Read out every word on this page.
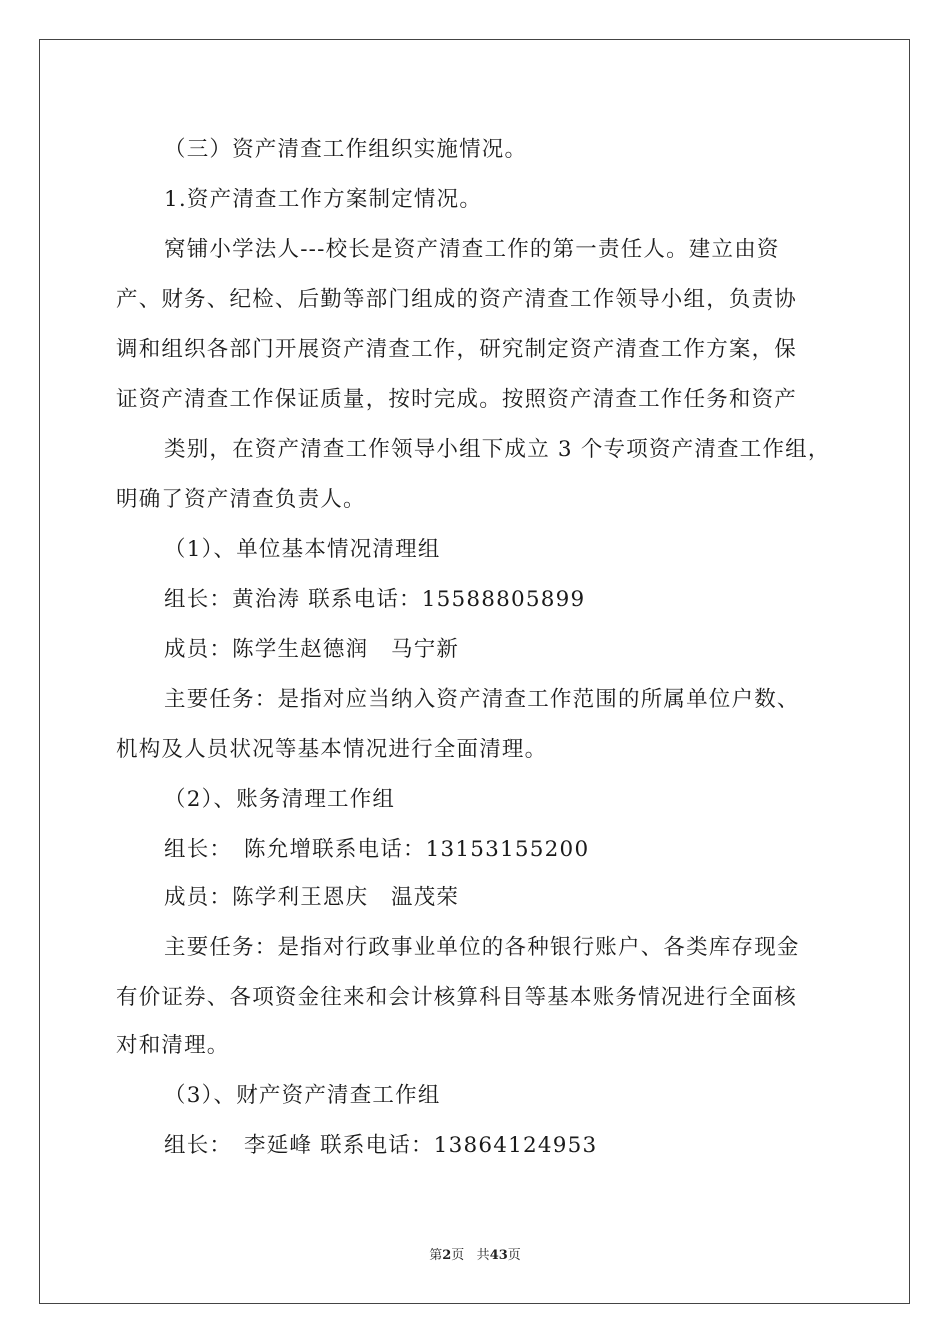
（三）资产清查工作组织实施情况。
1.资产清查工作方案制定情况。
窝铺小学法人---校长是资产清查工作的第一责任人。建立由资
产、财务、纪检、后勤等部门组成的资产清查工作领导小组，负责协
调和组织各部门开展资产清查工作，研究制定资产清查工作方案，保
证资产清查工作保证质量，按时完成。按照资产清查工作任务和资产
类别，在资产清查工作领导小组下成立 3 个专项资产清查工作组，
明确了资产清查负责人。
（1）、单位基本情况清理组
组长：黄治涛 联系电话：15588805899
成员：陈学生赵德润　马宁新
主要任务：是指对应当纳入资产清查工作范围的所属单位户数、
机构及人员状况等基本情况进行全面清理。
（2）、账务清理工作组
组长：　陈允增联系电话：13153155200
成员：陈学利王恩庆　温茂荣
主要任务：是指对行政事业单位的各种银行账户、各类库存现金
有价证券、各项资金往来和会计核算科目等基本账务情况进行全面核
对和清理。
（3）、财产资产清查工作组
组长：　李延峰 联系电话：13864124953
第2页 共43页
